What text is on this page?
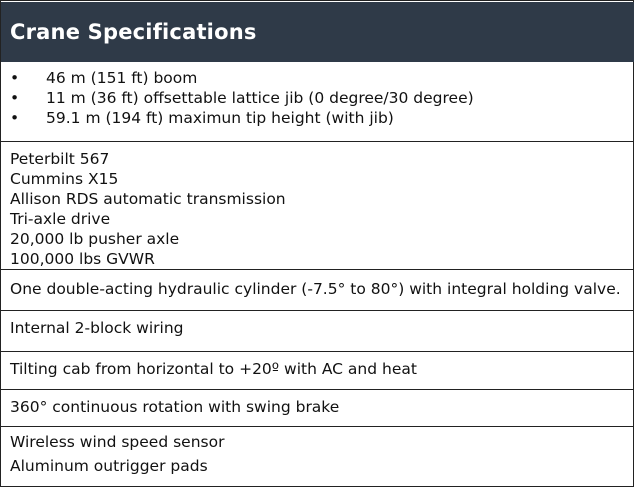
Crane Specifications
• 46 m (151 ft) boom
• 11 m (36 ft) offsettable lattice jib (0 degree/30 degree)
• 59.1 m (194 ft) maximun tip height (with jib)
Peterbilt 567
Cummins X15
Allison RDS automatic transmission
Tri-axle drive
20,000 lb pusher axle
100,000 lbs GVWR
One double-acting hydraulic cylinder (-7.5° to 80°) with integral holding valve.
Internal 2-block wiring
Tilting cab from horizontal to +20º with AC and heat
360° continuous rotation with swing brake
Wireless wind speed sensor
Aluminum outrigger pads
